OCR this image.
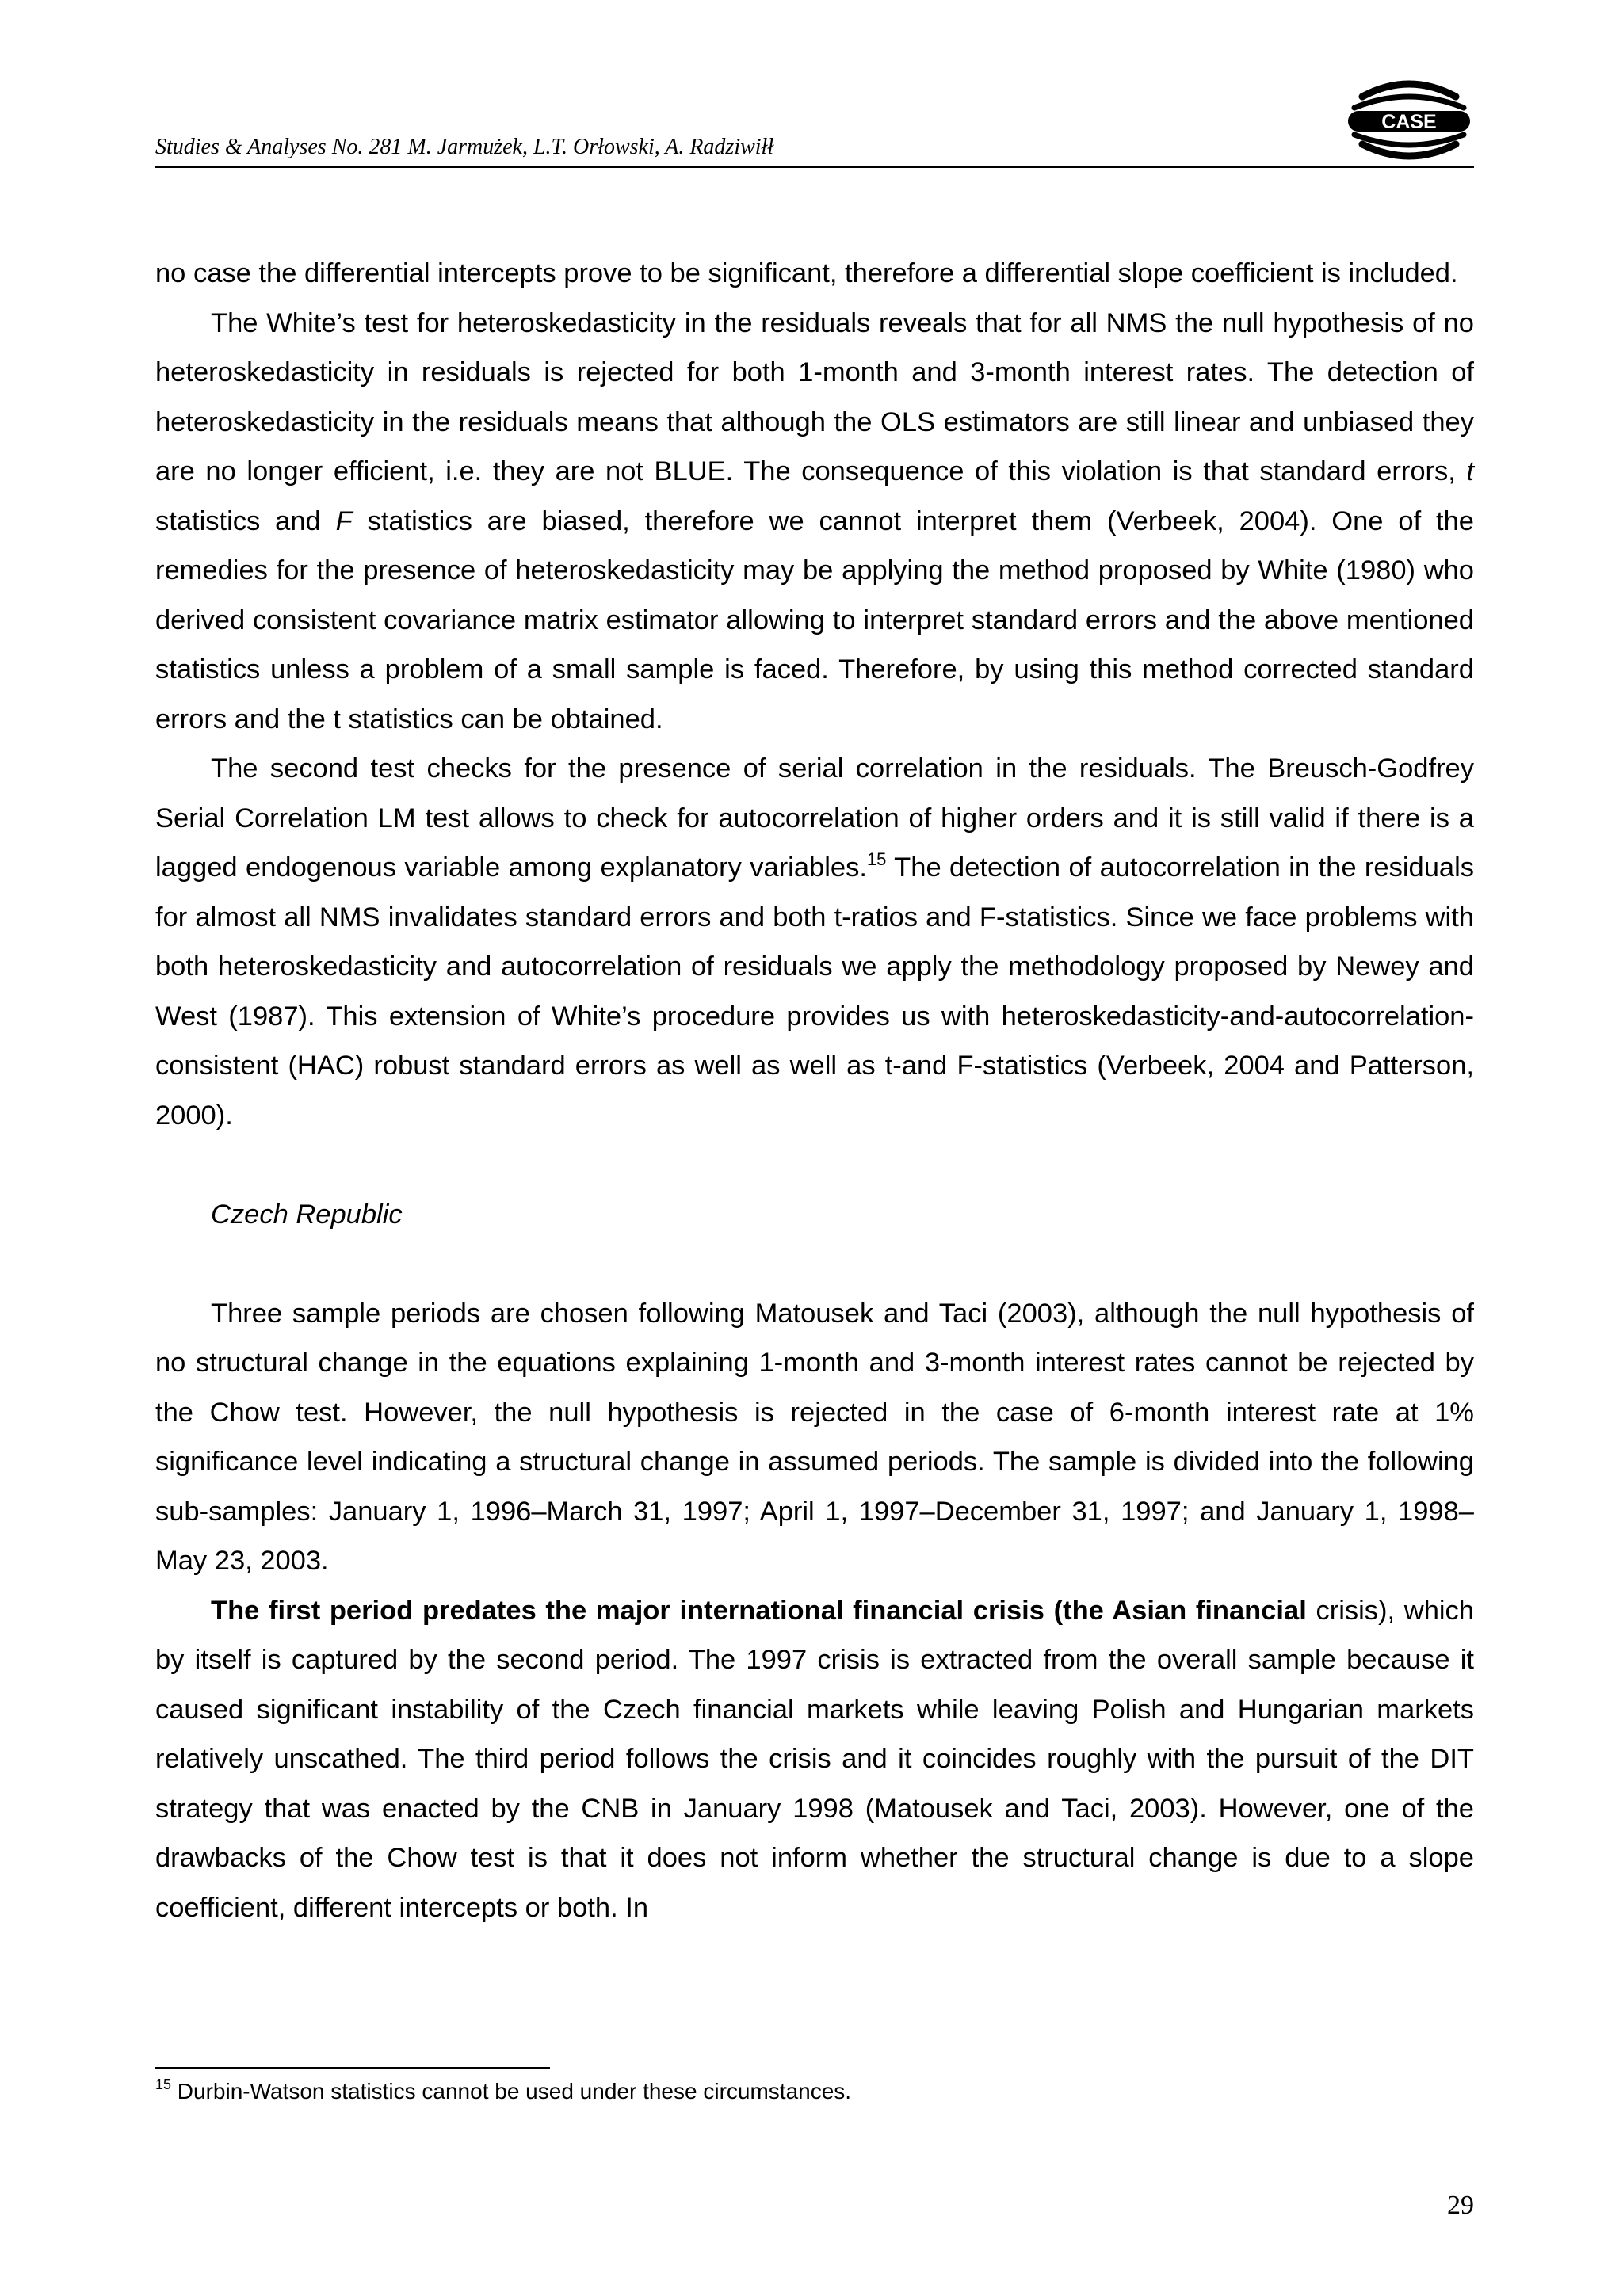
Studies & Analyses No. 281 M. Jarmużek, L.T. Orłowski, A. Radziwiłł
CASE

no case the differential intercepts prove to be significant, therefore a differential slope coefficient is included.

The White’s test for heteroskedasticity in the residuals reveals that for all NMS the null hypothesis of no heteroskedasticity in residuals is rejected for both 1-month and 3-month interest rates. The detection of heteroskedasticity in the residuals means that although the OLS estimators are still linear and unbiased they are no longer efficient, i.e. they are not BLUE. The consequence of this violation is that standard errors, t statistics and F statistics are biased, therefore we cannot interpret them (Verbeek, 2004). One of the remedies for the presence of heteroskedasticity may be applying the method proposed by White (1980) who derived consistent covariance matrix estimator allowing to interpret standard errors and the above mentioned statistics unless a problem of a small sample is faced. Therefore, by using this method corrected standard errors and the t statistics can be obtained.

The second test checks for the presence of serial correlation in the residuals. The Breusch-Godfrey Serial Correlation LM test allows to check for autocorrelation of higher orders and it is still valid if there is a lagged endogenous variable among explanatory variables.$^{15}$ The detection of autocorrelation in the residuals for almost all NMS invalidates standard errors and both t-ratios and F-statistics. Since we face problems with both heteroskedasticity and autocorrelation of residuals we apply the methodology proposed by Newey and West (1987). This extension of White’s procedure provides us with heteroskedasticity-and-autocorrelation-consistent (HAC) robust standard errors as well as well as t-and F-statistics (Verbeek, 2004 and Patterson, 2000).

Czech Republic

Three sample periods are chosen following Matousek and Taci (2003), although the null hypothesis of no structural change in the equations explaining 1-month and 3-month interest rates cannot be rejected by the Chow test. However, the null hypothesis is rejected in the case of 6-month interest rate at 1% significance level indicating a structural change in assumed periods. The sample is divided into the following sub-samples: January 1, 1996–March 31, 1997; April 1, 1997–December 31, 1997; and January 1, 1998–May 23, 2003.

The first period predates the major international financial crisis (the Asian financial crisis), which by itself is captured by the second period. The 1997 crisis is extracted from the overall sample because it caused significant instability of the Czech financial markets while leaving Polish and Hungarian markets relatively unscathed. The third period follows the crisis and it coincides roughly with the pursuit of the DIT strategy that was enacted by the CNB in January 1998 (Matousek and Taci, 2003). However, one of the drawbacks of the Chow test is that it does not inform whether the structural change is due to a slope coefficient, different intercepts or both. In

$^{15}$ Durbin-Watson statistics cannot be used under these circumstances.
29
